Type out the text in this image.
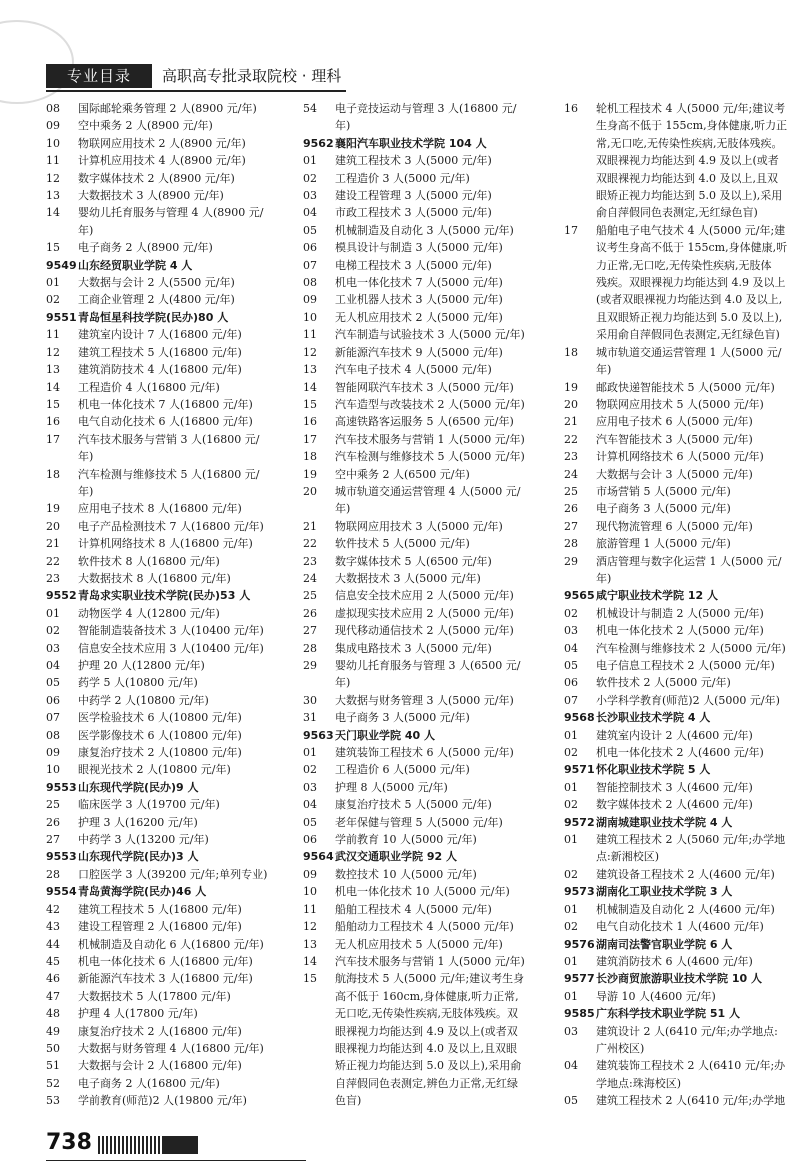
专业目录	高职高专批录取院校 · 理科

08	国际邮轮乘务管理 2 人(8900 元/年)
09	空中乘务 2 人(8900 元/年)
10	物联网应用技术 2 人(8900 元/年)
11	计算机应用技术 4 人(8900 元/年)
12	数字媒体技术 2 人(8900 元/年)
13	大数据技术 3 人(8900 元/年)
14	婴幼儿托育服务与管理 4 人(8900 元/
年)
15	电子商务 2 人(8900 元/年)
9549 山东经贸职业学院 4 人
01	大数据与会计 2 人(5500 元/年)
02	工商企业管理 2 人(4800 元/年)
9551 青岛恒星科技学院(民办)80 人
11	建筑室内设计 7 人(16800 元/年)
12	建筑工程技术 5 人(16800 元/年)
13	建筑消防技术 4 人(16800 元/年)
14	工程造价 4 人(16800 元/年)
15	机电一体化技术 7 人(16800 元/年)
16	电气自动化技术 6 人(16800 元/年)
17	汽车技术服务与营销 3 人(16800 元/
年)
18	汽车检测与维修技术 5 人(16800 元/
年)
19	应用电子技术 8 人(16800 元/年)
20	电子产品检测技术 7 人(16800 元/年)
21	计算机网络技术 8 人(16800 元/年)
22	软件技术 8 人(16800 元/年)
23	大数据技术 8 人(16800 元/年)
9552 青岛求实职业技术学院(民办)53 人
01	动物医学 4 人(12800 元/年)
02	智能制造装备技术 3 人(10400 元/年)
03	信息安全技术应用 3 人(10400 元/年)
04	护理 20 人(12800 元/年)
05	药学 5 人(10800 元/年)
06	中药学 2 人(10800 元/年)
07	医学检验技术 6 人(10800 元/年)
08	医学影像技术 6 人(10800 元/年)
09	康复治疗技术 2 人(10800 元/年)
10	眼视光技术 2 人(10800 元/年)
9553 山东现代学院(民办)9 人
25	临床医学 3 人(19700 元/年)
26	护理 3 人(16200 元/年)
27	中药学 3 人(13200 元/年)
9553 山东现代学院(民办)3 人
28	口腔医学 3 人(39200 元/年;单列专业)
9554 青岛黄海学院(民办)46 人
42	建筑工程技术 5 人(16800 元/年)
43	建设工程管理 2 人(16800 元/年)
44	机械制造及自动化 6 人(16800 元/年)
45	机电一体化技术 6 人(16800 元/年)
46	新能源汽车技术 3 人(16800 元/年)
47	大数据技术 5 人(17800 元/年)
48	护理 4 人(17800 元/年)
49	康复治疗技术 2 人(16800 元/年)
50	大数据与财务管理 4 人(16800 元/年)
51	大数据与会计 2 人(16800 元/年)
52	电子商务 2 人(16800 元/年)
53	学前教育(师范)2 人(19800 元/年)
54	电子竞技运动与管理 3 人(16800 元/
年)
9562 襄阳汽车职业技术学院 104 人
01	建筑工程技术 3 人(5000 元/年)
02	工程造价 3 人(5000 元/年)
03	建设工程管理 3 人(5000 元/年)
04	市政工程技术 3 人(5000 元/年)
05	机械制造及自动化 3 人(5000 元/年)
06	模具设计与制造 3 人(5000 元/年)
07	电梯工程技术 3 人(5000 元/年)
08	机电一体化技术 7 人(5000 元/年)
09	工业机器人技术 3 人(5000 元/年)
10	无人机应用技术 2 人(5000 元/年)
11	汽车制造与试验技术 3 人(5000 元/年)
12	新能源汽车技术 9 人(5000 元/年)
13	汽车电子技术 4 人(5000 元/年)
14	智能网联汽车技术 3 人(5000 元/年)
15	汽车造型与改装技术 2 人(5000 元/年)
16	高速铁路客运服务 5 人(6500 元/年)
17	汽车技术服务与营销 1 人(5000 元/年)
18	汽车检测与维修技术 5 人(5000 元/年)
19	空中乘务 2 人(6500 元/年)
20	城市轨道交通运营管理 4 人(5000 元/
年)
21	物联网应用技术 3 人(5000 元/年)
22	软件技术 5 人(5000 元/年)
23	数字媒体技术 5 人(6500 元/年)
24	大数据技术 3 人(5000 元/年)
25	信息安全技术应用 2 人(5000 元/年)
26	虚拟现实技术应用 2 人(5000 元/年)
27	现代移动通信技术 2 人(5000 元/年)
28	集成电路技术 3 人(5000 元/年)
29	婴幼儿托育服务与管理 3 人(6500 元/
年)
30	大数据与财务管理 3 人(5000 元/年)
31	电子商务 3 人(5000 元/年)
9563 天门职业学院 40 人
01	建筑装饰工程技术 6 人(5000 元/年)
02	工程造价 6 人(5000 元/年)
03	护理 8 人(5000 元/年)
04	康复治疗技术 5 人(5000 元/年)
05	老年保健与管理 5 人(5000 元/年)
06	学前教育 10 人(5000 元/年)
9564 武汉交通职业学院 92 人
09	数控技术 10 人(5000 元/年)
10	机电一体化技术 10 人(5000 元/年)
11	船舶工程技术 4 人(5000 元/年)
12	船舶动力工程技术 4 人(5000 元/年)
13	无人机应用技术 5 人(5000 元/年)
14	汽车技术服务与营销 1 人(5000 元/年)
15	航海技术 5 人(5000 元/年;建议考生身
高不低于 160cm,身体健康,听力正常,
无口吃,无传染性疾病,无肢体残疾。双
眼裸视力均能达到 4.9 及以上(或者双
眼裸视力均能达到 4.0 及以上,且双眼
矫正视力均能达到 5.0 及以上),采用俞
自萍假同色表测定,辨色力正常,无红绿
色盲)
16	轮机工程技术 4 人(5000 元/年;建议考
生身高不低于 155cm,身体健康,听力正
常,无口吃,无传染性疾病,无肢体残疾。
双眼裸视力均能达到 4.9 及以上(或者
双眼裸视力均能达到 4.0 及以上,且双
眼矫正视力均能达到 5.0 及以上),采用
俞自萍假同色表测定,无红绿色盲)
17	船舶电子电气技术 4 人(5000 元/年;建
议考生身高不低于 155cm,身体健康,听
力正常,无口吃,无传染性疾病,无肢体
残疾。双眼裸视力均能达到 4.9 及以上
(或者双眼裸视力均能达到 4.0 及以上,
且双眼矫正视力均能达到 5.0 及以上),
采用俞自萍假同色表测定,无红绿色盲)
18	城市轨道交通运营管理 1 人(5000 元/
年)
19	邮政快递智能技术 5 人(5000 元/年)
20	物联网应用技术 5 人(5000 元/年)
21	应用电子技术 6 人(5000 元/年)
22	汽车智能技术 3 人(5000 元/年)
23	计算机网络技术 6 人(5000 元/年)
24	大数据与会计 3 人(5000 元/年)
25	市场营销 5 人(5000 元/年)
26	电子商务 3 人(5000 元/年)
27	现代物流管理 6 人(5000 元/年)
28	旅游管理 1 人(5000 元/年)
29	酒店管理与数字化运营 1 人(5000 元/
年)
9565 咸宁职业技术学院 12 人
02	机械设计与制造 2 人(5000 元/年)
03	机电一体化技术 2 人(5000 元/年)
04	汽车检测与维修技术 2 人(5000 元/年)
05	电子信息工程技术 2 人(5000 元/年)
06	软件技术 2 人(5000 元/年)
07	小学科学教育(师范)2 人(5000 元/年)
9568 长沙职业技术学院 4 人
01	建筑室内设计 2 人(4600 元/年)
02	机电一体化技术 2 人(4600 元/年)
9571 怀化职业技术学院 5 人
01	智能控制技术 3 人(4600 元/年)
02	数字媒体技术 2 人(4600 元/年)
9572 湖南城建职业技术学院 4 人
01	建筑工程技术 2 人(5060 元/年;办学地
点:新湘校区)
02	建筑设备工程技术 2 人(4600 元/年)
9573 湖南化工职业技术学院 3 人
01	机械制造及自动化 2 人(4600 元/年)
02	电气自动化技术 1 人(4600 元/年)
9576 湖南司法警官职业学院 6 人
01	建筑消防技术 6 人(4600 元/年)
9577 长沙商贸旅游职业技术学院 10 人
01	导游 10 人(4600 元/年)
9585 广东科学技术职业学院 51 人
03	建筑设计 2 人(6410 元/年;办学地点:
广州校区)
04	建筑装饰工程技术 2 人(6410 元/年;办
学地点:珠海校区)
05	建筑工程技术 2 人(6410 元/年;办学地
738
